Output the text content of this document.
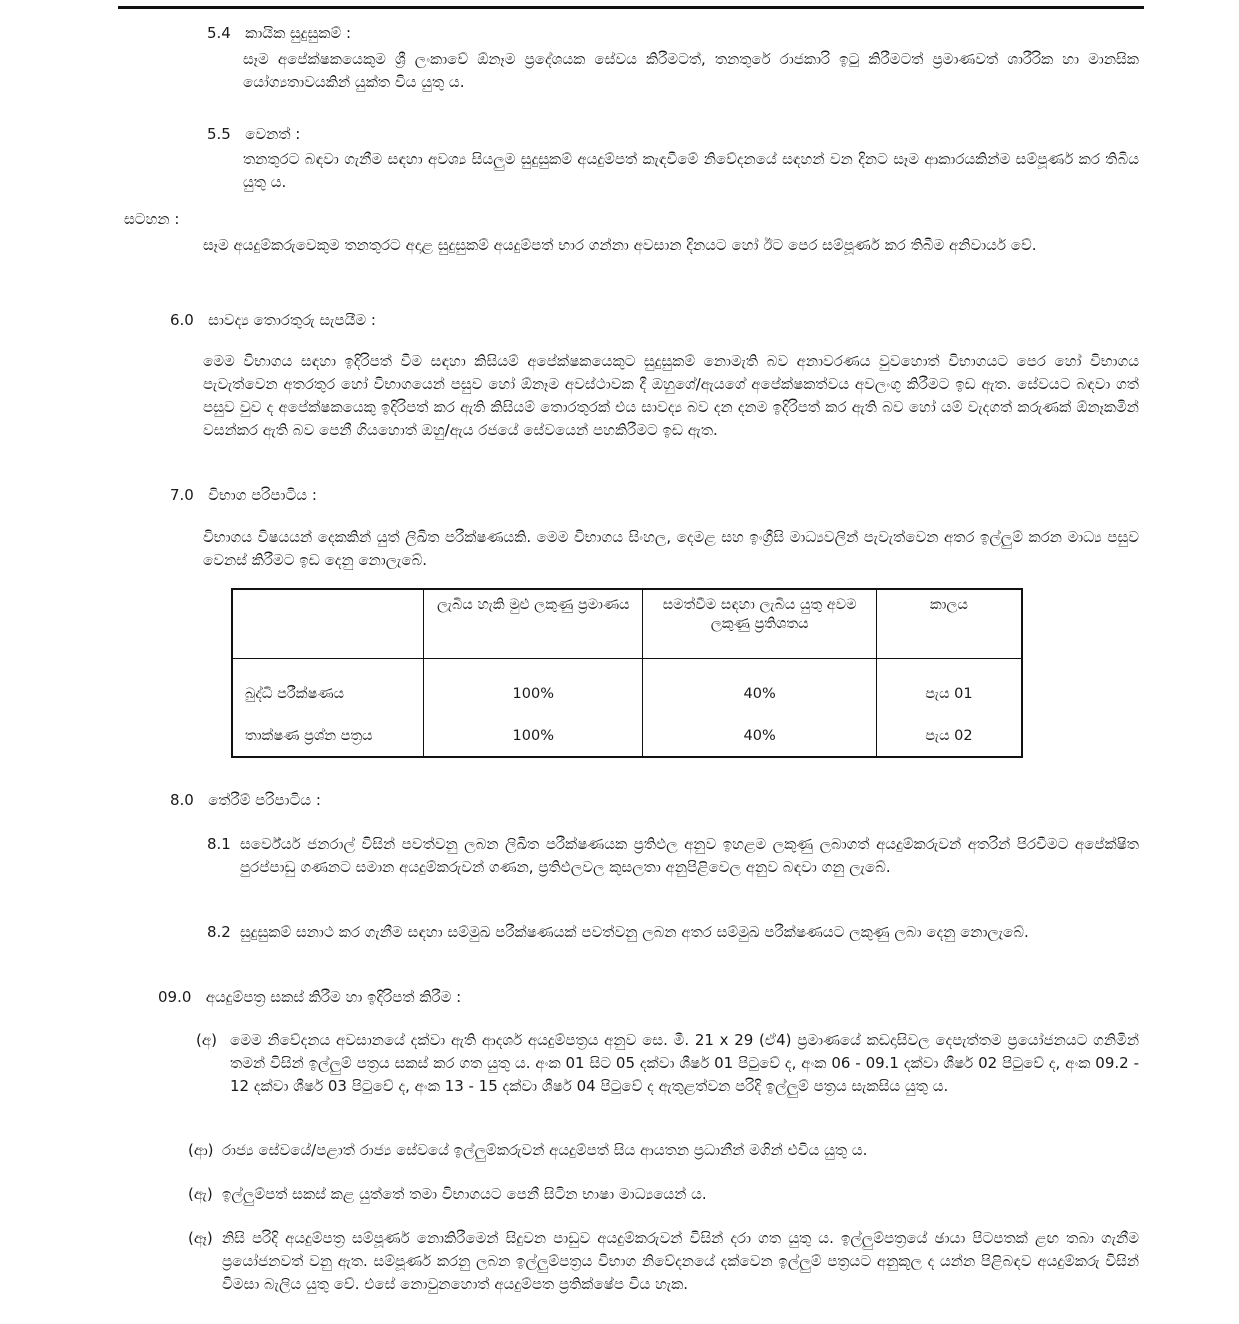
5.4 කායික සුදුසුකම් :

සෑම අපේක්ෂකයෙකුම ශ්‍රී ලංකාවේ ඕනෑම ප්‍රදේශයක සේවය කිරීමටත්, තනතුරේ රාජකාරි ඉටු කිරීමටත් ප්‍රමාණවත් ශාරීරික හා මානසික යෝග්‍යතාවයකින් යුක්ත විය යුතු ය.

5.5 වෙනත් :

තනතුරට බඳවා ගැනීම සඳහා අවශ්‍ය සියලුම සුදුසුකම් අයදුම්පත් කැඳවීමේ නිවේදනයේ සඳහන් වන දිනට සෑම ආකාරයකින්ම සම්පූර්ණ කර තිබිය යුතු ය.

සටහන :

සෑම අයදුම්කරුවෙකුම තනතුරට අදාළ සුදුසුකම් අයදුම්පත් භාර ගන්නා අවසාන දිනයට හෝ ඊට පෙර සම්පූර්ණ කර තිබීම අනිවාර්ය වේ.

6.0 සාවද්‍ය තොරතුරු සැපයීම :

මෙම විභාගය සඳහා ඉදිරිපත් වීම සඳහා කිසියම් අපේක්ෂකයෙකුට සුදුසුකම් නොමැති බව අනාවරණය වුවහොත් විභාගයට පෙර හෝ විභාගය පැවැත්වෙන අතරතුර හෝ විභාගයෙන් පසුව හෝ ඕනෑම අවස්ථාවක දී ඔහුගේ/ඇයගේ අපේක්ෂකත්වය අවලංගු කිරීමට ඉඩ ඇත. සේවයට බඳවා ගත් පසුව වුව ද අපේක්ෂකයෙකු ඉදිරිපත් කර ඇති කිසියම් තොරතුරක් එය සාවද්‍ය බව දන දනම ඉදිරිපත් කර ඇති බව හෝ යම් වැදගත් කරුණක් ඕනෑකමින් වසන්කර ඇති බව පෙනී ගියහොත් ඔහු/ඇය රජයේ සේවයෙන් පහකිරීමට ඉඩ ඇත.

7.0 විභාග පරිපාටිය :

විභාගය විෂයයන් දෙකකින් යුත් ලිඛිත පරීක්ෂණයකි. මෙම විභාගය සිංහල, දෙමළ සහ ඉංග්‍රීසි මාධ්‍යවලින් පැවැත්වෙන අතර ඉල්ලුම් කරන මාධ්‍ය පසුව වෙනස් කිරීමට ඉඩ දෙනු නොලැබේ.

	ලැබිය හැකි මුළු ලකුණු ප්‍රමාණය	සමත්වීම සඳහා ලැබිය යුතු අවම ලකුණු ප්‍රතිශතය	කාලය
බුද්ධි පරීක්ෂණය	100%	40%	පැය 01
තාක්ෂණ ප්‍රශ්න පත්‍රය	100%	40%	පැය 02
8.0 තේරීම් පරිපාටිය :
8.1 සර්වේයර් ජනරාල් විසින් පවත්වනු ලබන ලිඛිත පරීක්ෂණයක ප්‍රතිඵල අනුව ඉහළම ලකුණු ලබාගත් අයදුම්කරුවන් අතරින් පිරවීමට අපේක්ෂිත පුරප්පාඩු ගණනට සමාන අයදුම්කරුවන් ගණන, ප්‍රතිඵලවල කුසලතා අනුපිළිවෙල අනුව බඳවා ගනු ලැබේ.

8.2 සුදුසුකම් සනාථ කර ගැනීම සඳහා සම්මුඛ පරීක්ෂණයක් පවත්වනු ලබන අතර සම්මුඛ පරීක්ෂණයට ලකුණු ලබා දෙනු නොලැබේ.

09.0 අයදුම්පත්‍ර සකස් කිරීම හා ඉදිරිපත් කිරීම :
(අ) මෙම නිවේදනය අවසානයේ දක්වා ඇති ආදර්ශ අයදුම්පත්‍රය අනුව සෙ. මී. 21 x 29 (ඒ4) ප්‍රමාණයේ කඩදාසිවල දෙපැත්තම ප්‍රයෝජනයට ගනිමින් තමන් විසින් ඉල්ලුම් පත්‍රය සකස් කර ගත යුතු ය. අංක 01 සිට 05 දක්වා ශීර්ෂ 01 පිටුවේ ද, අංක 06 - 09.1 දක්වා ශීර්ෂ 02 පිටුවේ ද, අංක 09.2 - 12 දක්වා ශීර්ෂ 03 පිටුවේ ද, අංක 13 - 15 දක්වා ශීර්ෂ 04 පිටුවේ ද ඇතුළත්වන පරිදි ඉල්ලුම් පත්‍රය සැකසිය යුතු ය.

(ආ) රාජ්‍ය සේවයේ/පළාත් රාජ්‍ය සේවයේ ඉල්ලුම්කරුවන් අයදුම්පත් සිය ආයතන ප්‍රධානීන් මගින් එවිය යුතු ය.

(ඇ) ඉල්ලුම්පත් සකස් කළ යුත්තේ තමා විභාගයට පෙනී සිටින භාෂා මාධ්‍යයෙන් ය.

(ඈ) නිසි පරිදි අයදුම්පත්‍ර සම්පූර්ණ නොකිරීමෙන් සිදුවන පාඩුව අයදුම්කරුවන් විසින් දරා ගත යුතු ය. ඉල්ලුම්පත්‍රයේ ඡායා පිටපතක් ළඟ තබා ගැනීම ප්‍රයෝජනවත් වනු ඇත. සම්පූර්ණ කරනු ලබන ඉල්ලුම්පත්‍රය විභාග නිවේදනයේ දක්වෙන ඉල්ලුම් පත්‍රයට අනුකූල ද යන්න පිළිබඳව අයදුම්කරු විසින් විමසා බැලිය යුතු වේ. එසේ නොවුනහොත් අයදුම්පත ප්‍රතික්ෂේප විය හැක.
